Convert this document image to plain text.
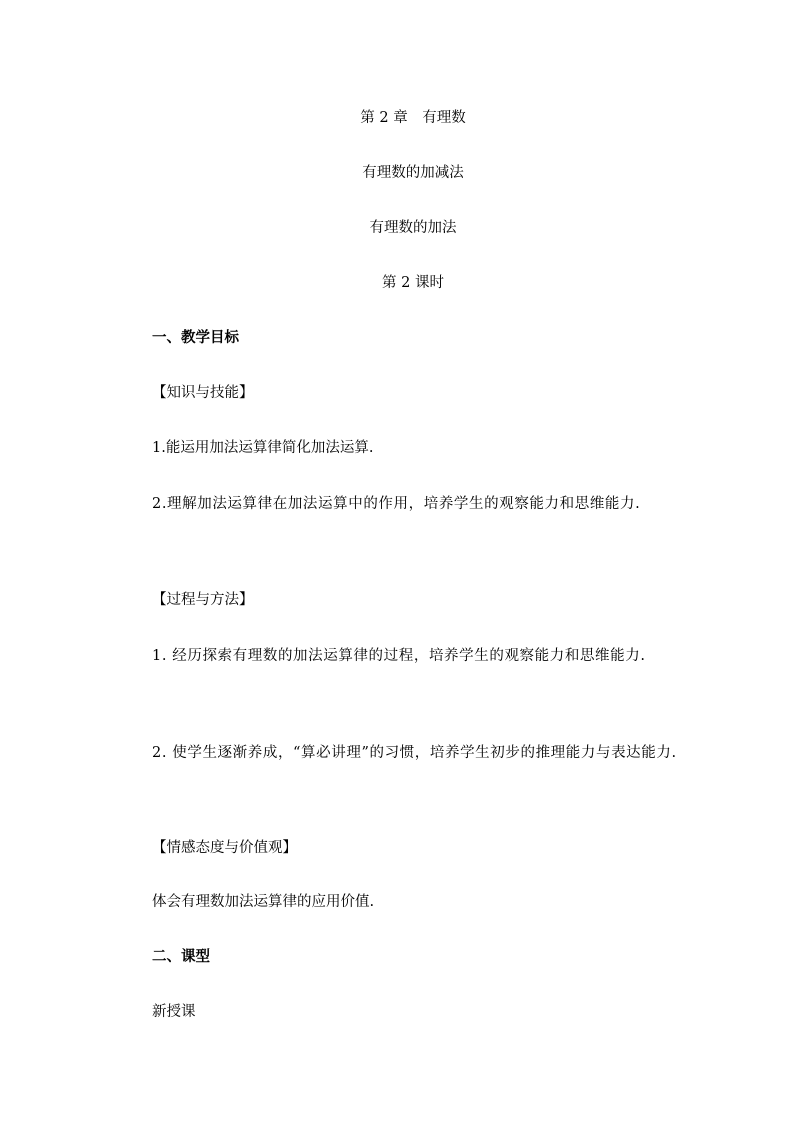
第 2 章　有理数
有理数的加减法
有理数的加法
第 2 课时
一、教学目标
【知识与技能】
1.能运用加法运算律简化加法运算.
2.理解加法运算律在加法运算中的作用，培养学生的观察能力和思维能力.
【过程与方法】
1. 经历探索有理数的加法运算律的过程，培养学生的观察能力和思维能力.
2. 使学生逐渐养成，“算必讲理”的习惯，培养学生初步的推理能力与表达能力.
【情感态度与价值观】
体会有理数加法运算律的应用价值.
二、课型
新授课
